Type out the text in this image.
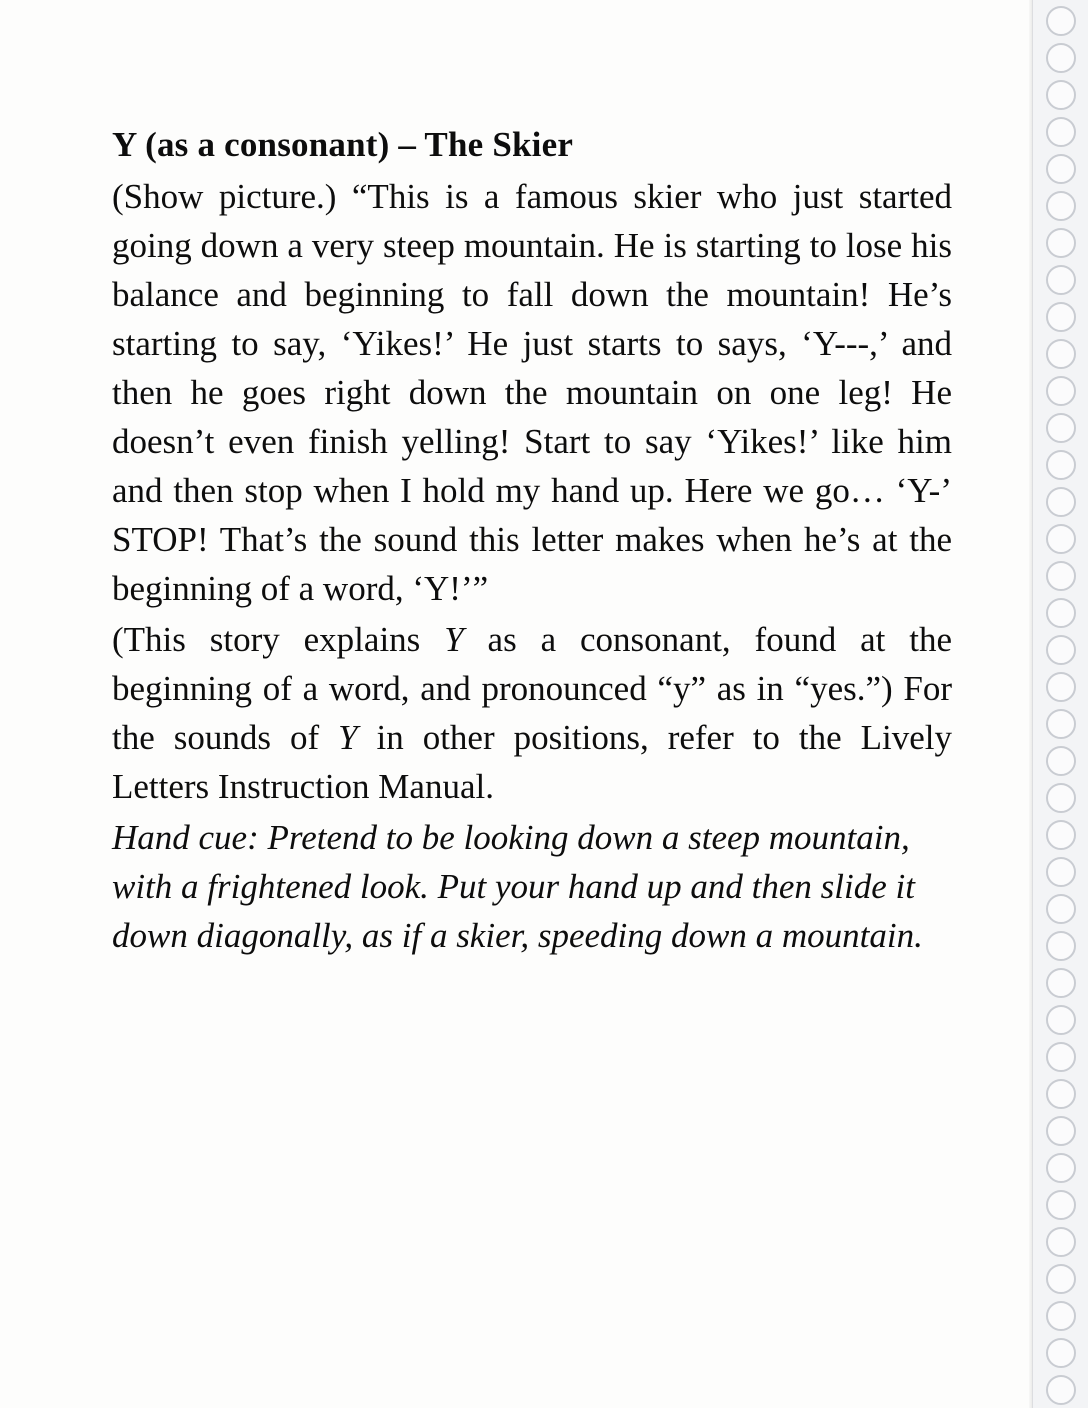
Y (as a consonant) – The Skier

(Show picture.) “This is a famous skier who just started going down a very steep mountain. He is starting to lose his balance and beginning to fall down the mountain! He’s starting to say, ‘Yikes!’ He just starts to says, ‘Y---,’ and then he goes right down the mountain on one leg! He doesn’t even finish yelling! Start to say ‘Yikes!’ like him and then stop when I hold my hand up. Here we go… ‘Y-’ STOP! That’s the sound this letter makes when he’s at the beginning of a word, ‘Y!’”

(This story explains Y as a consonant, found at the beginning of a word, and pronounced “y” as in “yes.”) For the sounds of Y in other positions, refer to the Lively Letters Instruction Manual.

Hand cue: Pretend to be looking down a steep mountain, with a frightened look. Put your hand up and then slide it down diagonally, as if a skier, speeding down a mountain.
